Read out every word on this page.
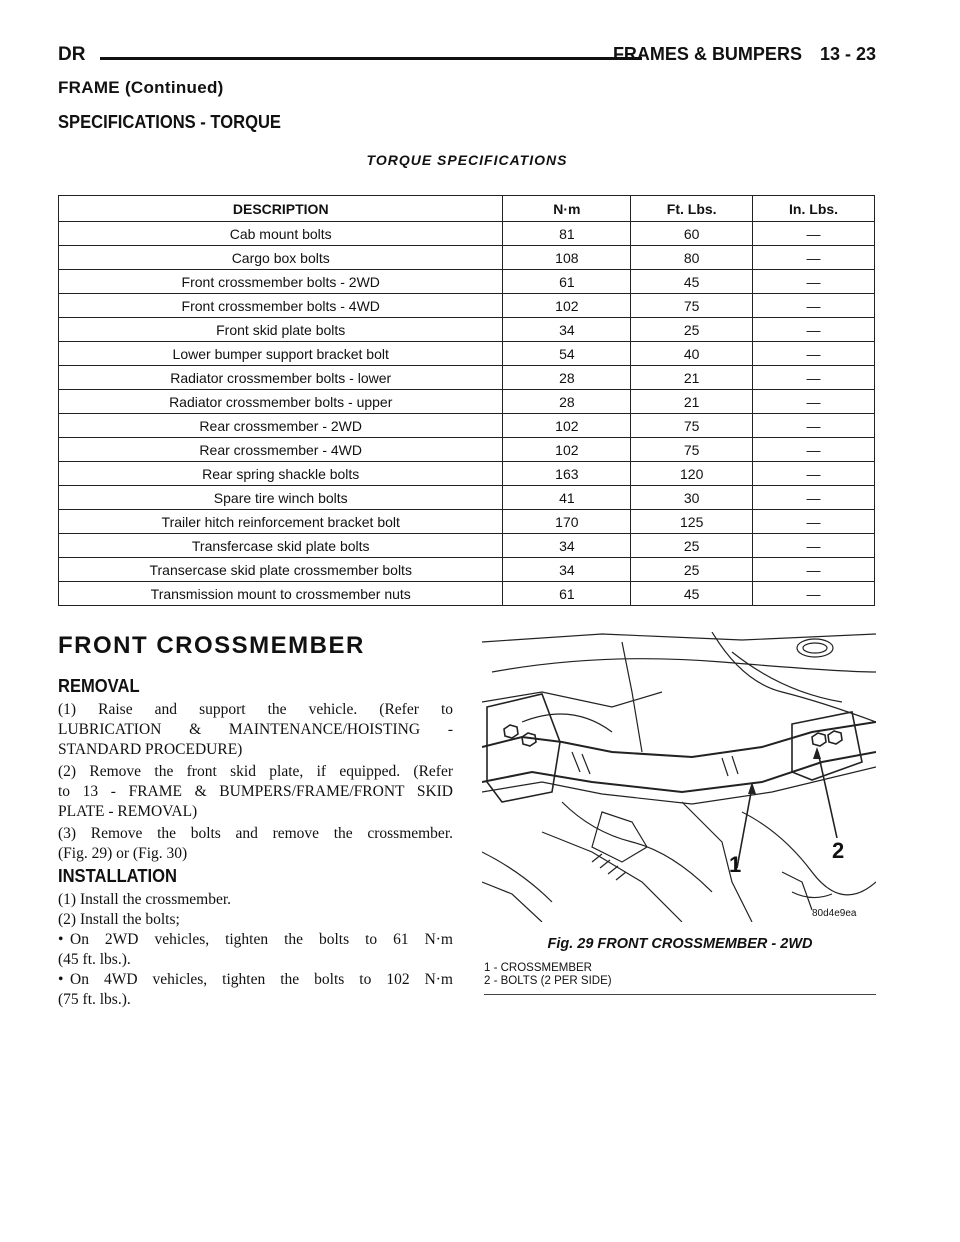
DR	FRAMES & BUMPERS 13 - 23
FRAME (Continued)
SPECIFICATIONS - TORQUE
TORQUE SPECIFICATIONS
DESCRIPTION	N·m	Ft. Lbs.	In. Lbs.
Cab mount bolts	81	60	—
Cargo box bolts	108	80	—
Front crossmember bolts - 2WD	61	45	—
Front crossmember bolts - 4WD	102	75	—
Front skid plate bolts	34	25	—
Lower bumper support bracket bolt	54	40	—
Radiator crossmember bolts - lower	28	21	—
Radiator crossmember bolts - upper	28	21	—
Rear crossmember - 2WD	102	75	—
Rear crossmember - 4WD	102	75	—
Rear spring shackle bolts	163	120	—
Spare tire winch bolts	41	30	—
Trailer hitch reinforcement bracket bolt	170	125	—
Transfercase skid plate bolts	34	25	—
Transercase skid plate crossmember bolts	34	25	—
Transmission mount to crossmember nuts	61	45	—
FRONT CROSSMEMBER
REMOVAL
(1) Raise and support the vehicle. (Refer to
LUBRICATION & MAINTENANCE/HOISTING -
STANDARD PROCEDURE)
(2) Remove the front skid plate, if equipped. (Refer
to 13 - FRAME & BUMPERS/FRAME/FRONT SKID
PLATE - REMOVAL)
(3) Remove the bolts and remove the crossmember.
(Fig. 29) or (Fig. 30)
INSTALLATION
(1) Install the crossmember.
(2) Install the bolts;
• On 2WD vehicles, tighten the bolts to 61 N·m
(45 ft. lbs.).
• On 4WD vehicles, tighten the bolts to 102 N·m
(75 ft. lbs.).
1
2
80d4e9ea
Fig. 29 FRONT CROSSMEMBER - 2WD
1 - CROSSMEMBER
2 - BOLTS (2 PER SIDE)
